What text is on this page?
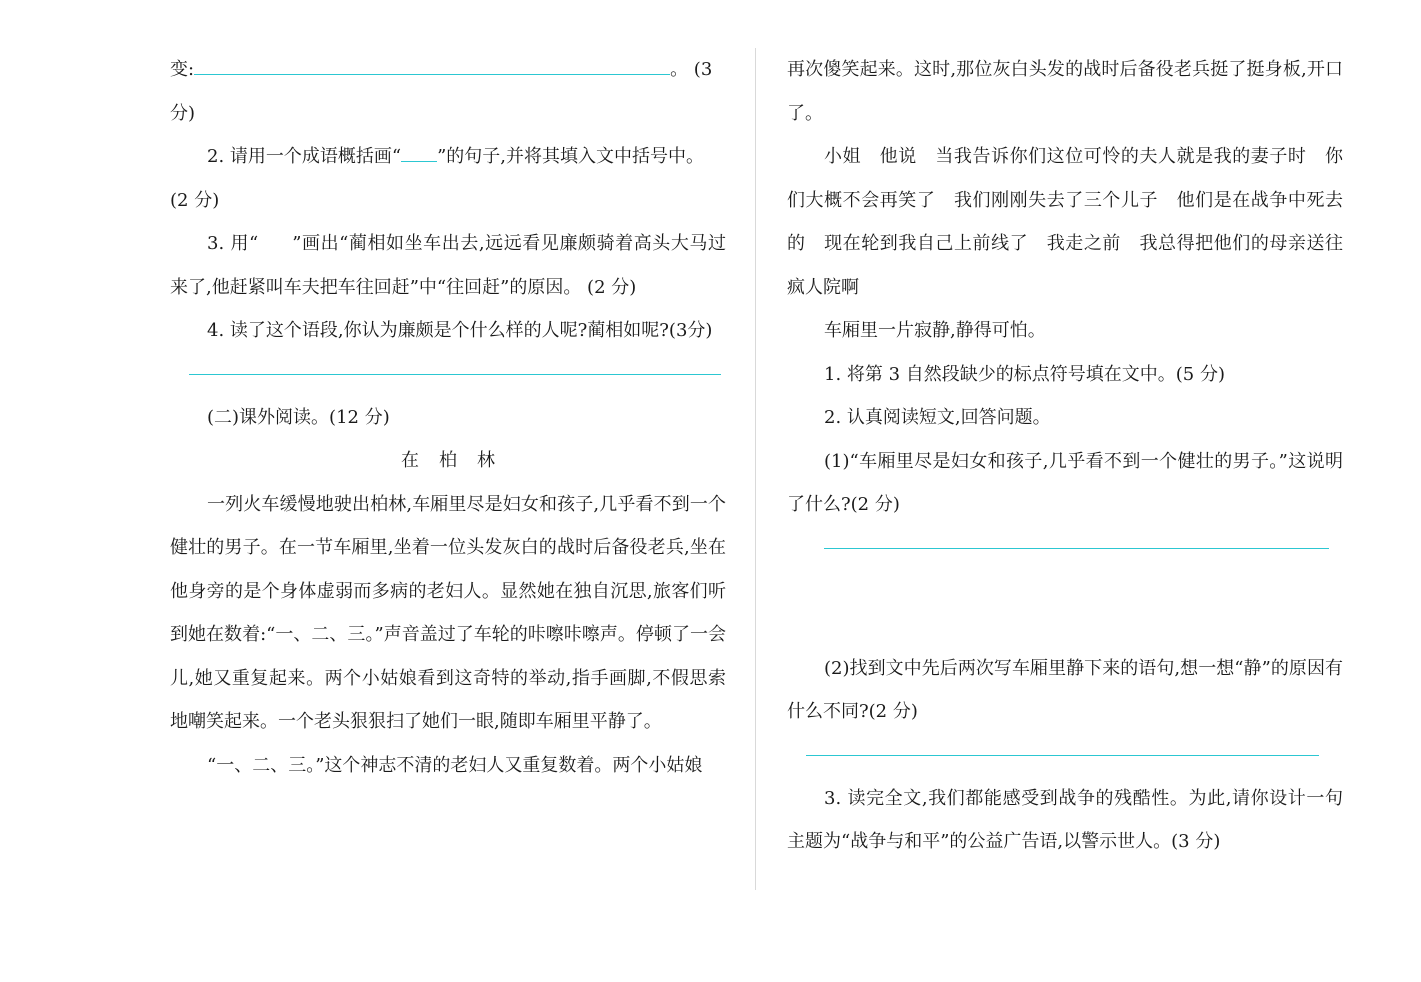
变:	。 (3

分)

2. 请用一个成语概括画“ ”的句子,并将其填入文中括号中。

(2 分)

3. 用“ ”画出“蔺相如坐车出去,远远看见廉颇骑着高头大马过来了,他赶紧叫车夫把车往回赶”中“往回赶”的原因。 (2 分)

4. 读了这个语段,你认为廉颇是个什么样的人呢?蔺相如呢?(3分)

(二)课外阅读。(12 分)

在柏林

一列火车缓慢地驶出柏林,车厢里尽是妇女和孩子,几乎看不到一个健壮的男子。在一节车厢里,坐着一位头发灰白的战时后备役老兵,坐在他身旁的是个身体虚弱而多病的老妇人。显然她在独自沉思,旅客们听到她在数着:“一、二、三。”声音盖过了车轮的咔嚓咔嚓声。停顿了一会儿,她又重复起来。两个小姑娘看到这奇特的举动,指手画脚,不假思索地嘲笑起来。一个老头狠狠扫了她们一眼,随即车厢里平静了。

“一、二、三。”这个神志不清的老妇人又重复数着。两个小姑娘

再次傻笑起来。这时,那位灰白头发的战时后备役老兵挺了挺身板,开口了。

小姐 他说 当我告诉你们这位可怜的夫人就是我的妻子时 你们大概不会再笑了 我们刚刚失去了三个儿子 他们是在战争中死去的 现在轮到我自己上前线了 我走之前 我总得把他们的母亲送往疯人院啊

车厢里一片寂静,静得可怕。

1. 将第 3 自然段缺少的标点符号填在文中。(5 分)

2. 认真阅读短文,回答问题。

(1)“车厢里尽是妇女和孩子,几乎看不到一个健壮的男子。”这说明了什么?(2 分)

(2)找到文中先后两次写车厢里静下来的语句,想一想“静”的原因有什么不同?(2 分)

3. 读完全文,我们都能感受到战争的残酷性。为此,请你设计一句主题为“战争与和平”的公益广告语,以警示世人。(3 分)
